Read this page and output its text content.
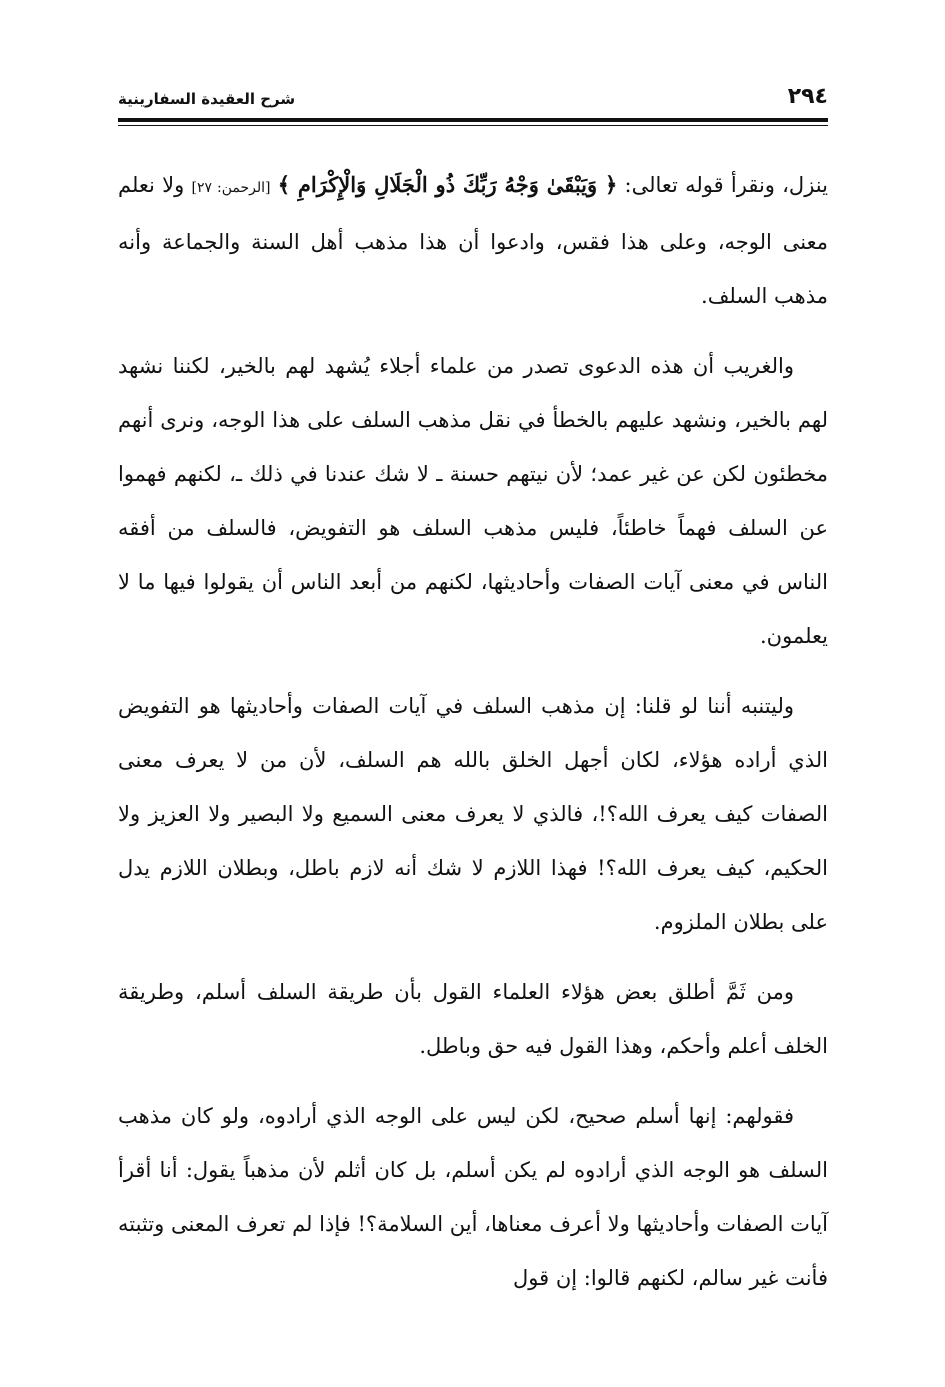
شرح العقيدة السفارينية	٢٩٤

ينزل، ونقرأ قوله تعالى: ﴿ وَيَبْقَىٰ وَجْهُ رَبِّكَ ذُو الْجَلَالِ وَالْإِكْرَامِ ﴾ [الرحمن: ٢٧] ولا نعلم معنى الوجه، وعلى هذا فقس، وادعوا أن هذا مذهب أهل السنة والجماعة وأنه مذهب السلف.

والغريب أن هذه الدعوى تصدر من علماء أجلاء يُشهد لهم بالخير، لكننا نشهد لهم بالخير، ونشهد عليهم بالخطأ في نقل مذهب السلف على هذا الوجه، ونرى أنهم مخطئون لكن عن غير عمد؛ لأن نيتهم حسنة ـ لا شك عندنا في ذلك ـ، لكنهم فهموا عن السلف فهماً خاطئاً، فليس مذهب السلف هو التفويض، فالسلف من أفقه الناس في معنى آيات الصفات وأحاديثها، لكنهم من أبعد الناس أن يقولوا فيها ما لا يعلمون.

وليتنبه أننا لو قلنا: إن مذهب السلف في آيات الصفات وأحاديثها هو التفويض الذي أراده هؤلاء، لكان أجهل الخلق بالله هم السلف، لأن من لا يعرف معنى الصفات كيف يعرف الله؟!، فالذي لا يعرف معنى السميع ولا البصير ولا العزيز ولا الحكيم، كيف يعرف الله؟! فهذا اللازم لا شك أنه لازم باطل، وبطلان اللازم يدل على بطلان الملزوم.

ومن ثَمَّ أطلق بعض هؤلاء العلماء القول بأن طريقة السلف أسلم، وطريقة الخلف أعلم وأحكم، وهذا القول فيه حق وباطل.

فقولهم: إنها أسلم صحيح، لكن ليس على الوجه الذي أرادوه، ولو كان مذهب السلف هو الوجه الذي أرادوه لم يكن أسلم، بل كان أثلم لأن مذهباً يقول: أنا أقرأ آيات الصفات وأحاديثها ولا أعرف معناها، أين السلامة؟! فإذا لم تعرف المعنى وتثبته فأنت غير سالم، لكنهم قالوا: إن قول
